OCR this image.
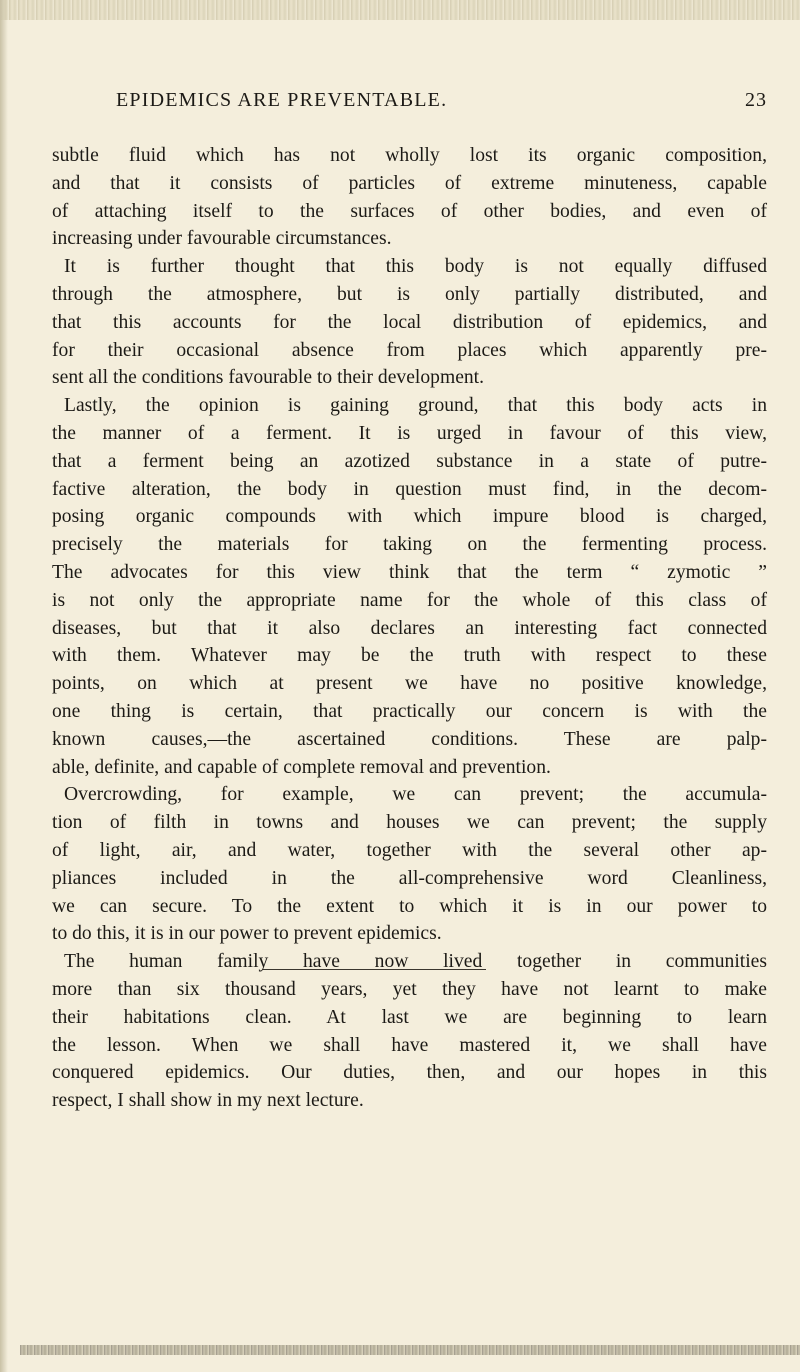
EPIDEMICS ARE PREVENTABLE.	23
subtle fluid which has not wholly lost its organic composition,
and that it consists of particles of extreme minuteness, capable
of attaching itself to the surfaces of other bodies, and even of
increasing under favourable circumstances.
It is further thought that this body is not equally diffused
through the atmosphere, but is only partially distributed, and
that this accounts for the local distribution of epidemics, and
for their occasional absence from places which apparently pre-
sent all the conditions favourable to their development.
Lastly, the opinion is gaining ground, that this body acts in
the manner of a ferment. It is urged in favour of this view,
that a ferment being an azotized substance in a state of putre-
factive alteration, the body in question must find, in the decom-
posing organic compounds with which impure blood is charged,
precisely the materials for taking on the fermenting process.
The advocates for this view think that the term “ zymotic ”
is not only the appropriate name for the whole of this class of
diseases, but that it also declares an interesting fact connected
with them. Whatever may be the truth with respect to these
points, on which at present we have no positive knowledge,
one thing is certain, that practically our concern is with the
known causes,—the ascertained conditions. These are palp-
able, definite, and capable of complete removal and prevention.
Overcrowding, for example, we can prevent; the accumula-
tion of filth in towns and houses we can prevent; the supply
of light, air, and water, together with the several other ap-
pliances included in the all-comprehensive word Cleanliness,
we can secure. To the extent to which it is in our power to
to do this, it is in our power to prevent epidemics.
The human family have now lived together in communities
more than six thousand years, yet they have not learnt to make
their habitations clean. At last we are beginning to learn
the lesson. When we shall have mastered it, we shall have
conquered epidemics. Our duties, then, and our hopes in this
respect, I shall show in my next lecture.
